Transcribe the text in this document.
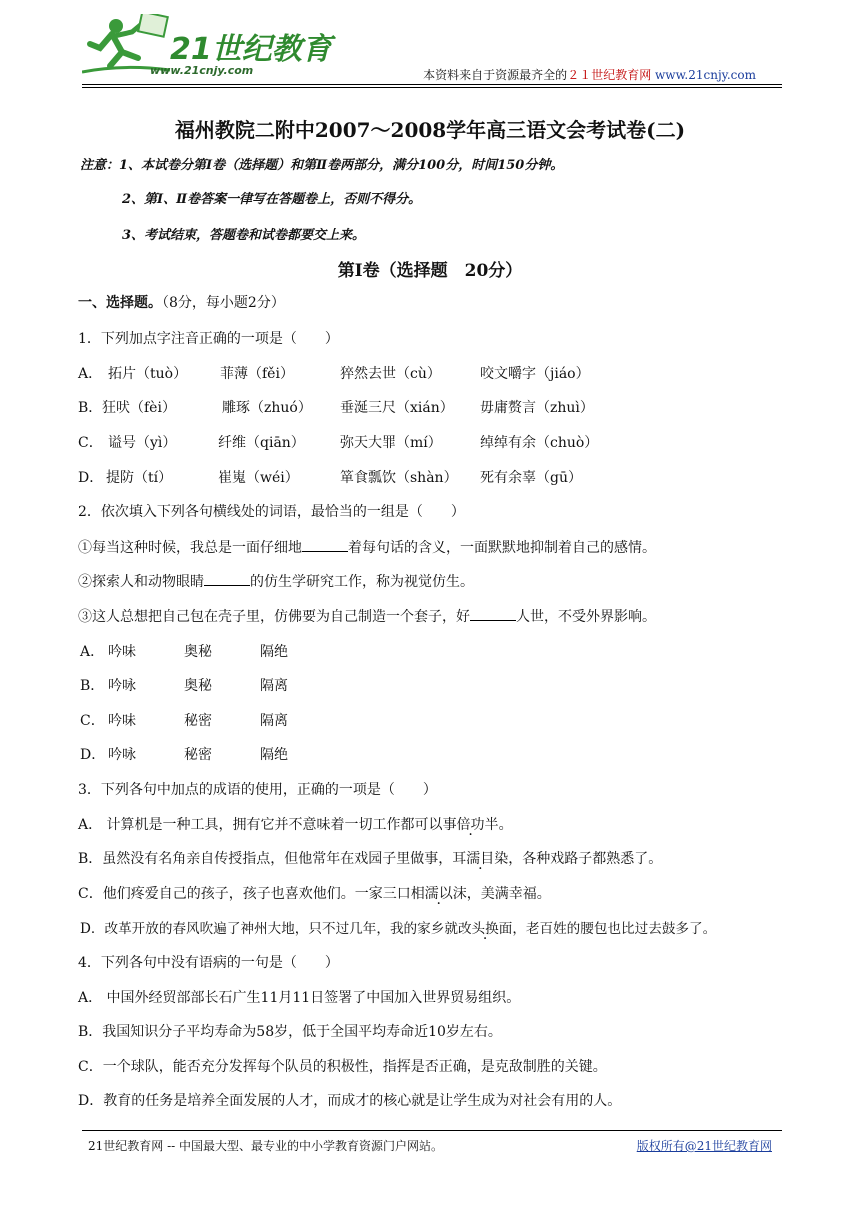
21世纪教育
www.21cnjy.com	本资料来自于资源最齐全的２１世纪教育网 www.21cnjy.com
福州教院二附中2007～2008学年高三语文会考试卷(二)
注意：1、本试卷分第Ⅰ卷（选择题）和第Ⅱ卷两部分，满分100分，时间150分钟。
2、第Ⅰ、Ⅱ卷答案一律写在答题卷上，否则不得分。
3、考试结束，答题卷和试卷都要交上来。
第Ⅰ卷（选择题　20分）
一、选择题。（8分，每小题2分）
1．下列加点字注音正确的一项是（　　）
A． 拓片（tuò） 菲薄（fěi）	猝然去世（cù）	咬文嚼字（jiáo）
B． 狂吠（fèi）	雕琢（zhuó） 垂涎三尺（xián） 毋庸赘言（zhuì）
C． 谥号（yì）	纤维（qiān）	弥天大罪（mí）	绰绰有余（chuò）
D． 提防（tí）	崔嵬（wéi）	箪食瓢饮（shàn） 死有余辜（gū）
2．依次填入下列各句横线处的词语，最恰当的一组是（　　）
①每当这种时候，我总是一面仔细地	着每句话的含义，一面默默地抑制着自己的感情。
②探索人和动物眼睛	的仿生学研究工作，称为视觉仿生。
③这人总想把自己包在壳子里，仿佛要为自己制造一个套子，好	人世，不受外界影响。
A． 吟味	奥秘	隔绝
B． 吟咏	奥秘	隔离
C． 吟味	秘密	隔离
D． 吟咏	秘密	隔绝
3．下列各句中加点的成语的使用，正确的一项是（　　）
A． 计算机是一种工具，拥有它并不意味着一切工作都可以事倍功半。
B．虽然没有名角亲自传授指点，但他常年在戏园子里做事，耳濡目染，各种戏路子都熟悉了。
C．他们疼爱自己的孩子，孩子也喜欢他们。一家三口相濡以沫，美满幸福。
D．改革开放的春风吹遍了神州大地，只不过几年，我的家乡就改头换面，老百姓的腰包也比过去鼓多了。
4．下列各句中没有语病的一句是（　　）
A． 中国外经贸部部长石广生11月11日签署了中国加入世界贸易组织。
B．我国知识分子平均寿命为58岁，低于全国平均寿命近10岁左右。
C．一个球队，能否充分发挥每个队员的积极性，指挥是否正确，是克敌制胜的关键。
D．教育的任务是培养全面发展的人才，而成才的核心就是让学生成为对社会有用的人。
21世纪教育网 -- 中国最大型、最专业的中小学教育资源门户网站。	版权所有@21世纪教育网
